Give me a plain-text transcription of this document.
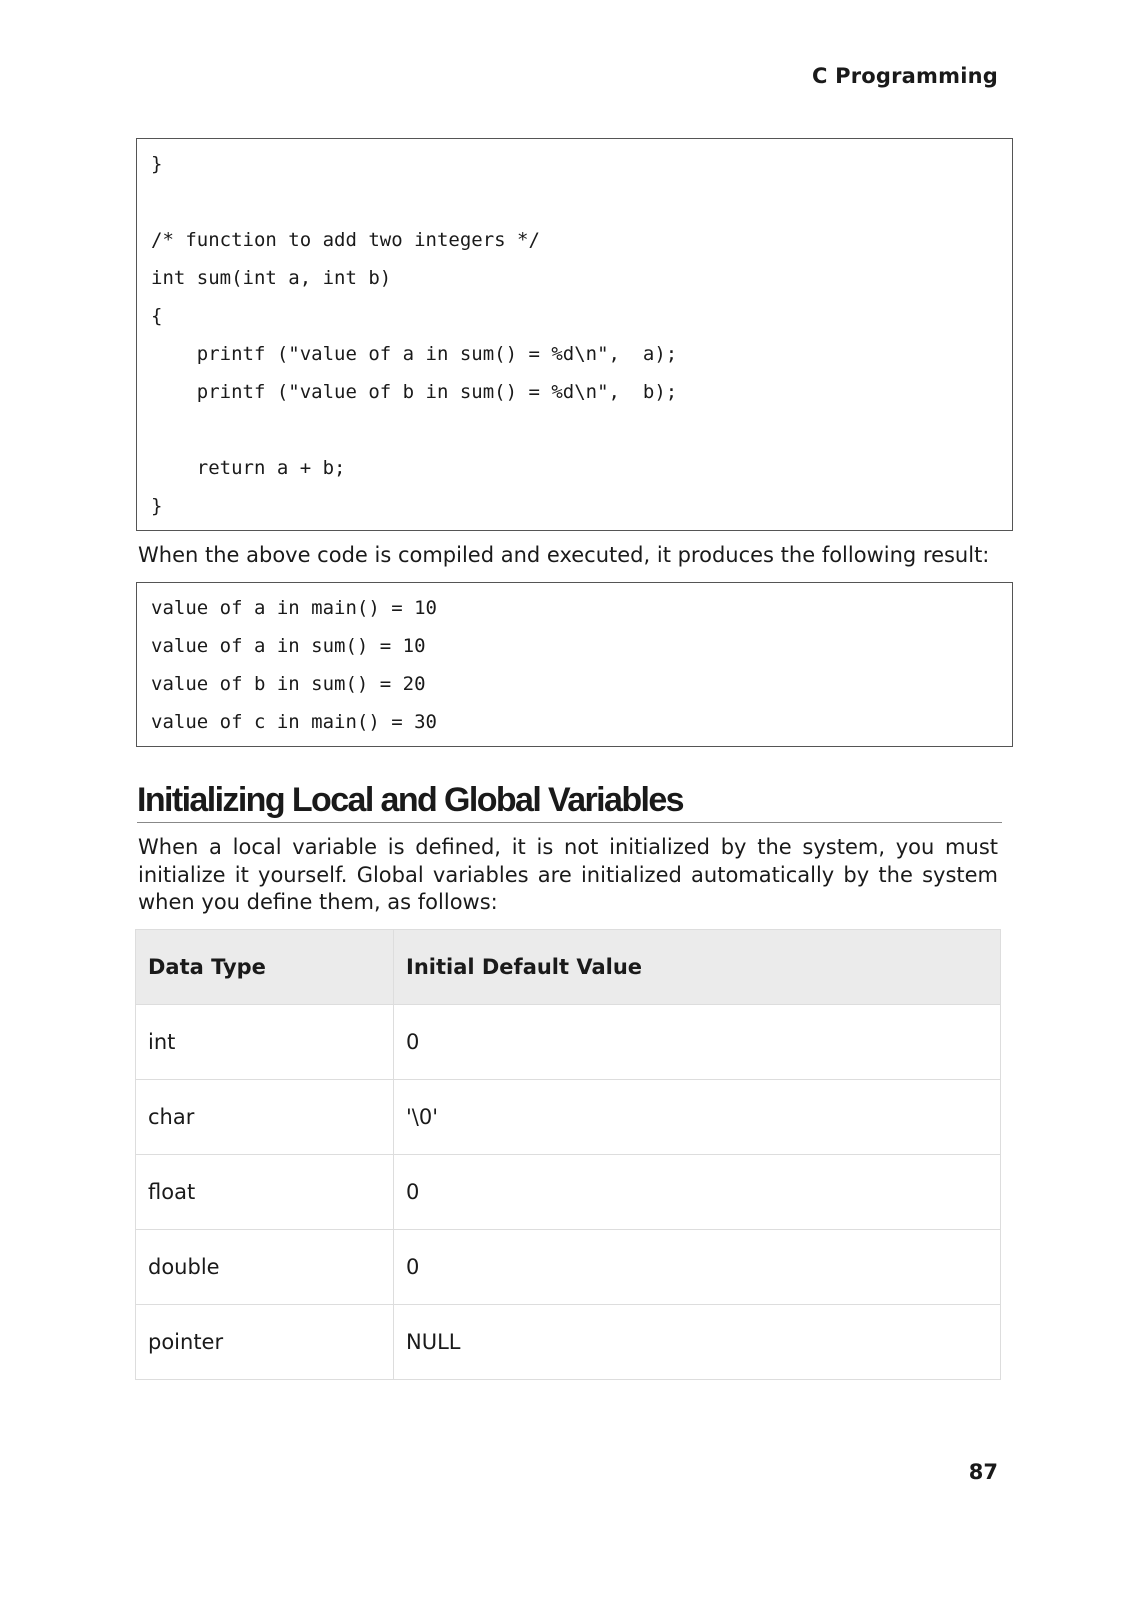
C Programming
}
/* function to add two integers */
int sum(int a, int b)
{
printf ("value of a in sum() = %d\n",  a);
printf ("value of b in sum() = %d\n",  b);
return a + b;
}
When the above code is compiled and executed, it produces the following result:
value of a in main() = 10
value of a in sum() = 10
value of b in sum() = 20
value of c in main() = 30
Initializing Local and Global Variables
When a local variable is defined, it is not initialized by the system, you must initialize it yourself. Global variables are initialized automatically by the system when you define them, as follows:
Data Type	Initial Default Value
int	0
char	'\0'
float	0
double	0
pointer	NULL
87
